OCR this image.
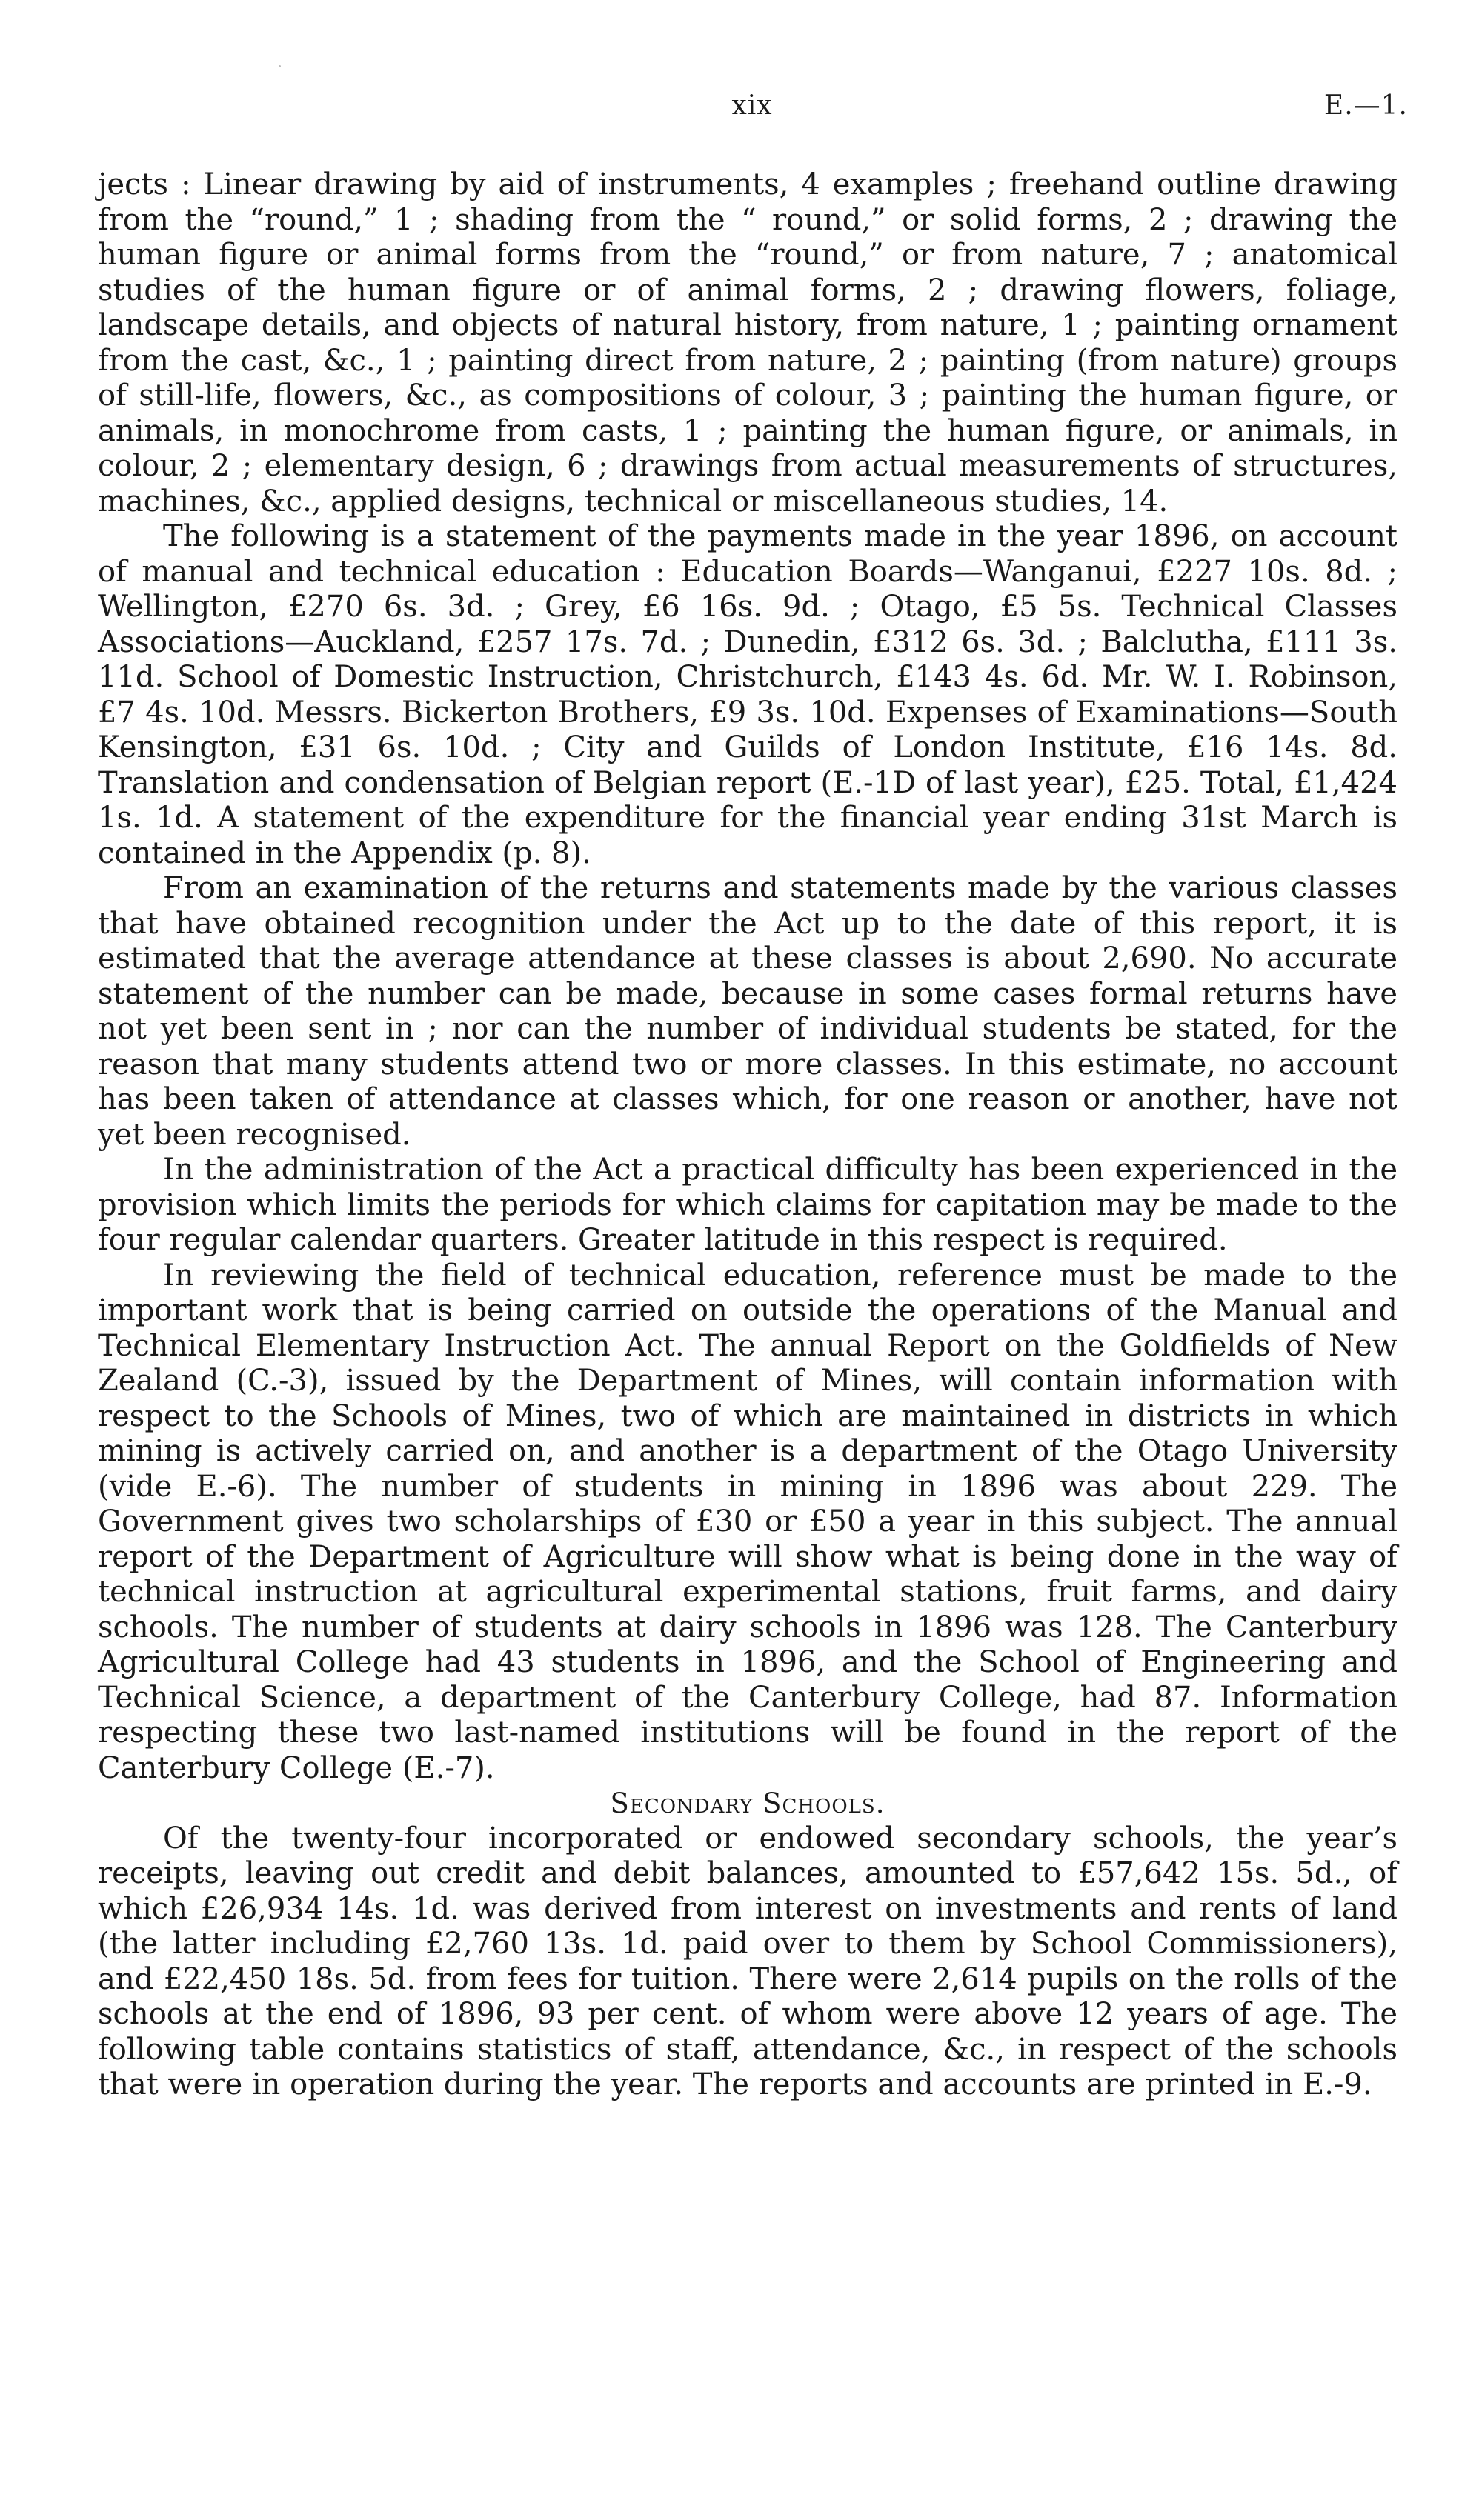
xix	E.—1.

jects : Linear drawing by aid of instruments, 4 examples ; freehand outline drawing from the “round,” 1 ; shading from the “ round,” or solid forms, 2 ; drawing the human figure or animal forms from the “round,” or from nature, 7 ; anatomical studies of the human figure or of animal forms, 2 ; drawing flowers, foliage, landscape details, and objects of natural history, from nature, 1 ; painting ornament from the cast, &c., 1 ; painting direct from nature, 2 ; painting (from nature) groups of still-life, flowers, &c., as compositions of colour, 3 ; painting the human figure, or animals, in monochrome from casts, 1 ; painting the human figure, or animals, in colour, 2 ; elementary design, 6 ; drawings from actual measurements of structures, machines, &c., applied designs, technical or miscellaneous studies, 14.

The following is a statement of the payments made in the year 1896, on account of manual and technical education : Education Boards—Wanganui, £227 10s. 8d. ; Wellington, £270 6s. 3d. ; Grey, £6 16s. 9d. ; Otago, £5 5s. Technical Classes Associations—Auckland, £257 17s. 7d. ; Dunedin, £312 6s. 3d. ; Balclutha, £111 3s. 11d. School of Domestic Instruction, Christchurch, £143 4s. 6d. Mr. W. I. Robinson, £7 4s. 10d. Messrs. Bickerton Brothers, £9 3s. 10d. Expenses of Examinations—South Kensington, £31 6s. 10d. ; City and Guilds of London Institute, £16 14s. 8d. Translation and condensation of Belgian report (E.-1D of last year), £25. Total, £1,424 1s. 1d. A statement of the expenditure for the financial year ending 31st March is contained in the Appendix (p. 8).

From an examination of the returns and statements made by the various classes that have obtained recognition under the Act up to the date of this report, it is estimated that the average attendance at these classes is about 2,690. No accurate statement of the number can be made, because in some cases formal returns have not yet been sent in ; nor can the number of individual students be stated, for the reason that many students attend two or more classes. In this estimate, no account has been taken of attendance at classes which, for one reason or another, have not yet been recognised.

In the administration of the Act a practical difficulty has been experienced in the provision which limits the periods for which claims for capitation may be made to the four regular calendar quarters. Greater latitude in this respect is required.

In reviewing the field of technical education, reference must be made to the important work that is being carried on outside the operations of the Manual and Technical Elementary Instruction Act. The annual Report on the Goldfields of New Zealand (C.-3), issued by the Department of Mines, will contain information with respect to the Schools of Mines, two of which are maintained in districts in which mining is actively carried on, and another is a department of the Otago University (vide E.-6). The number of students in mining in 1896 was about 229. The Government gives two scholarships of £30 or £50 a year in this subject. The annual report of the Department of Agriculture will show what is being done in the way of technical instruction at agricultural experimental stations, fruit farms, and dairy schools. The number of students at dairy schools in 1896 was 128. The Canterbury Agricultural College had 43 students in 1896, and the School of Engineering and Technical Science, a department of the Canterbury College, had 87. Information respecting these two last-named institutions will be found in the report of the Canterbury College (E.-7).

Secondary Schools.

Of the twenty-four incorporated or endowed secondary schools, the year’s receipts, leaving out credit and debit balances, amounted to £57,642 15s. 5d., of which £26,934 14s. 1d. was derived from interest on investments and rents of land (the latter including £2,760 13s. 1d. paid over to them by School Commissioners), and £22,450 18s. 5d. from fees for tuition. There were 2,614 pupils on the rolls of the schools at the end of 1896, 93 per cent. of whom were above 12 years of age. The following table contains statistics of staff, attendance, &c., in respect of the schools that were in operation during the year. The reports and accounts are printed in E.-9.
